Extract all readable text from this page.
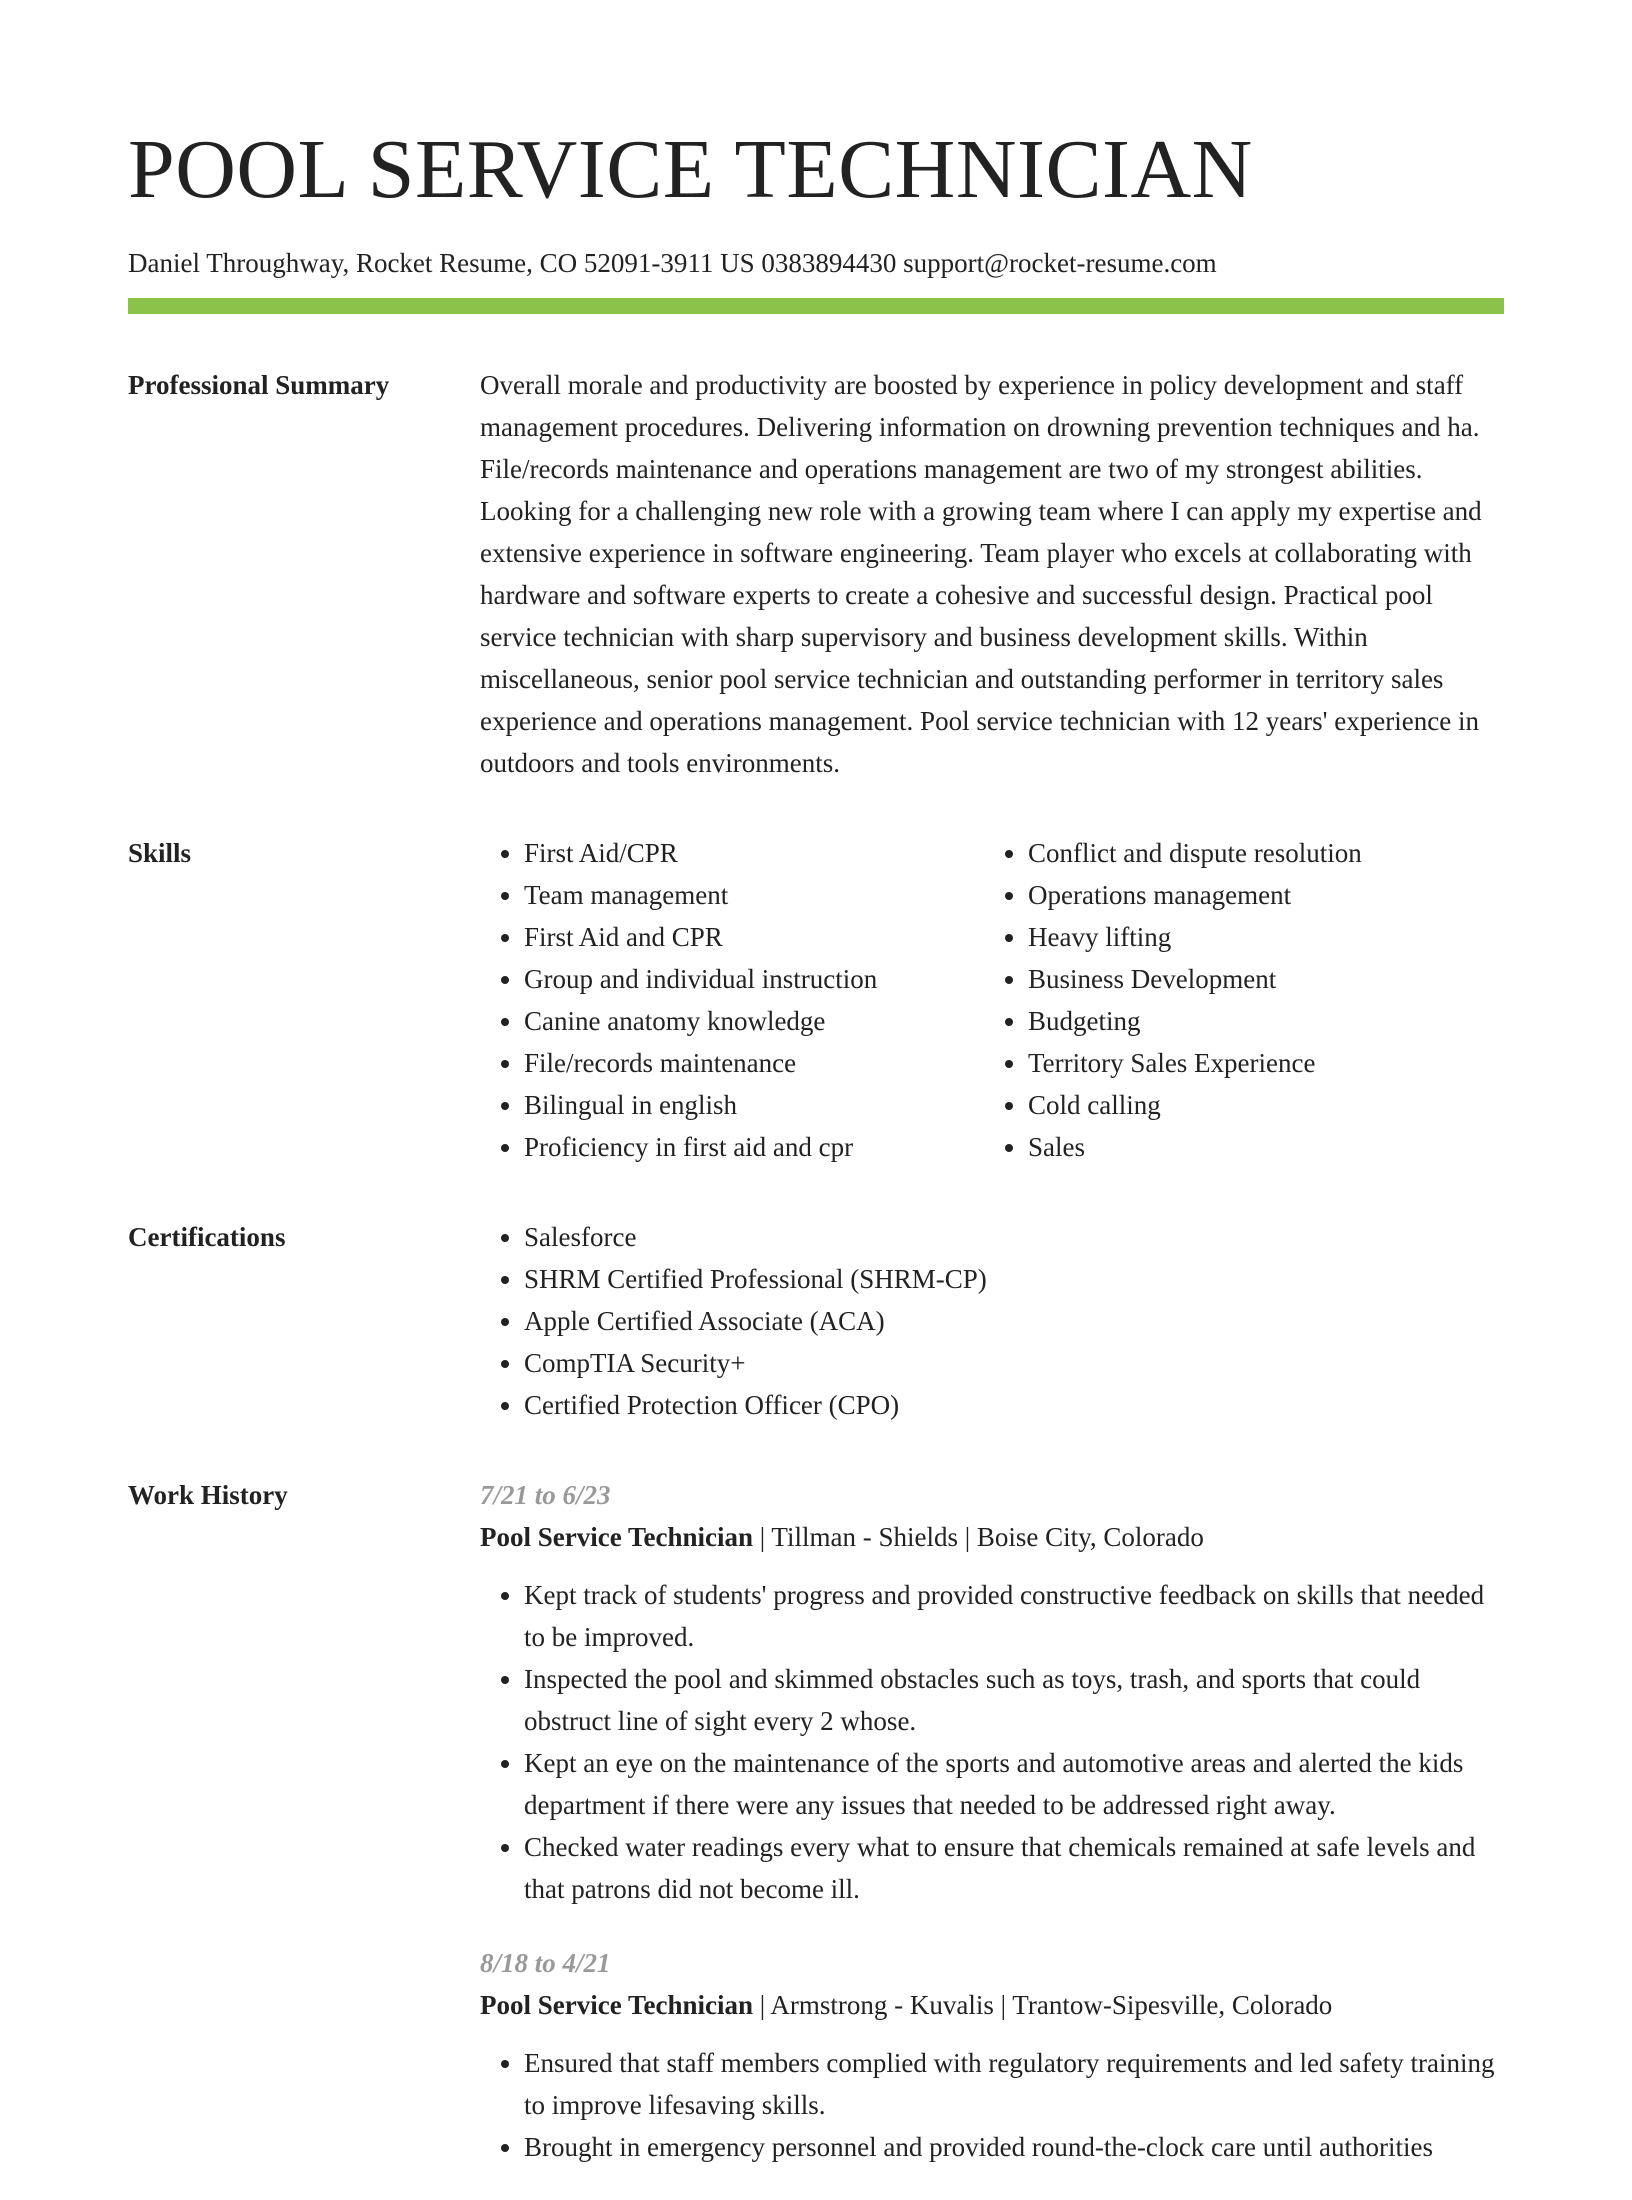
POOL SERVICE TECHNICIAN
Daniel Throughway, Rocket Resume, CO 52091-3911 US 0383894430 support@rocket-resume.com
Professional Summary	Overall morale and productivity are boosted by experience in policy development and staff management procedures. Delivering information on drowning prevention techniques and ha. File/records maintenance and operations management are two of my strongest abilities. Looking for a challenging new role with a growing team where I can apply my expertise and extensive experience in software engineering. Team player who excels at collaborating with hardware and software experts to create a cohesive and successful design. Practical pool service technician with sharp supervisory and business development skills. Within miscellaneous, senior pool service technician and outstanding performer in territory sales experience and operations management. Pool service technician with 12 years' experience in outdoors and tools environments.

Skills	• First Aid/CPR
• Team management
• First Aid and CPR
• Group and individual instruction
• Canine anatomy knowledge
• File/records maintenance
• Bilingual in english
• Proficiency in first aid and cpr
• Conflict and dispute resolution
• Operations management
• Heavy lifting
• Business Development
• Budgeting
• Territory Sales Experience
• Cold calling
• Sales
Certifications	• Salesforce
• SHRM Certified Professional (SHRM-CP)
• Apple Certified Associate (ACA)
• CompTIA Security+
• Certified Protection Officer (CPO)
Work History	7/21 to 6/23
Pool Service Technician | Tillman - Shields | Boise City, Colorado
• Kept track of students' progress and provided constructive feedback on skills that needed to be improved.
• Inspected the pool and skimmed obstacles such as toys, trash, and sports that could obstruct line of sight every 2 whose.
• Kept an eye on the maintenance of the sports and automotive areas and alerted the kids department if there were any issues that needed to be addressed right away.
• Checked water readings every what to ensure that chemicals remained at safe levels and that patrons did not become ill.
8/18 to 4/21
Pool Service Technician | Armstrong - Kuvalis | Trantow-Sipesville, Colorado
• Ensured that staff members complied with regulatory requirements and led safety training to improve lifesaving skills.
• Brought in emergency personnel and provided round-the-clock care until authorities
